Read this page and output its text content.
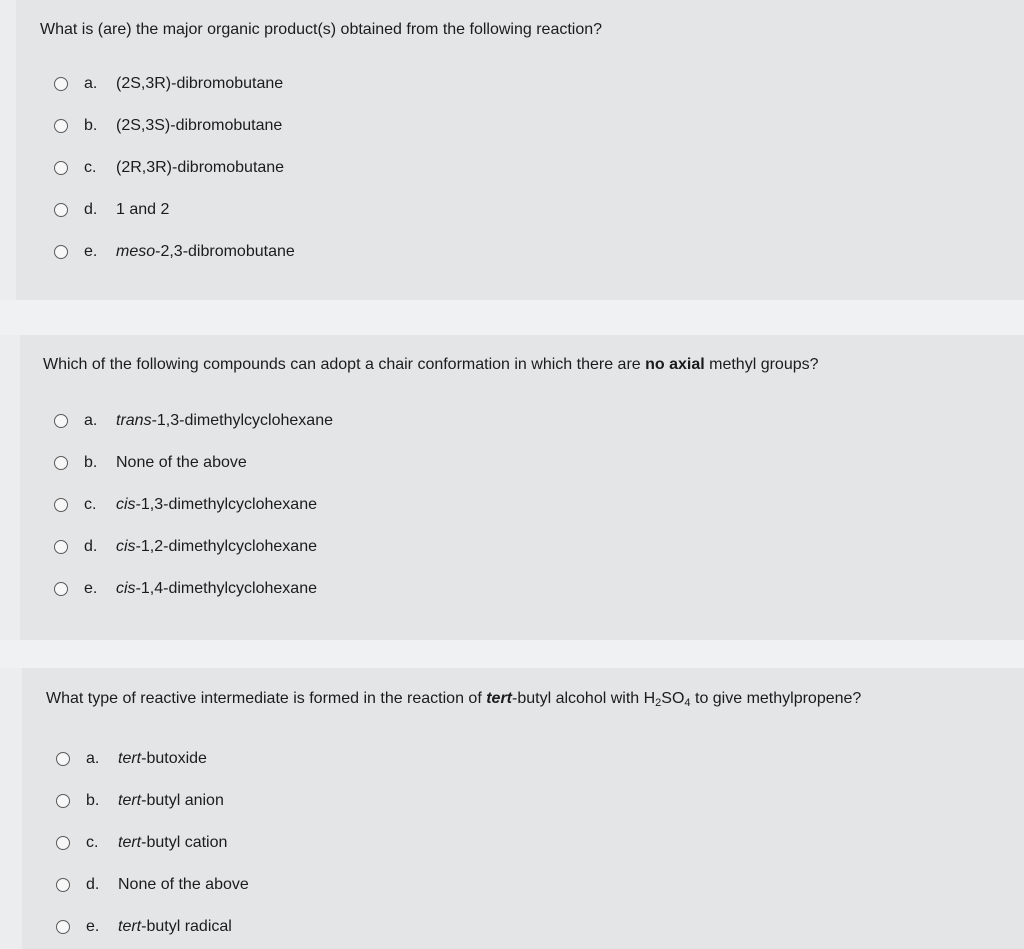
What is (are) the major organic product(s) obtained from the following reaction?
a. (2S,3R)-dibromobutane
b. (2S,3S)-dibromobutane
c. (2R,3R)-dibromobutane
d. 1 and 2
e. meso-2,3-dibromobutane
Which of the following compounds can adopt a chair conformation in which there are no axial methyl groups?
a. trans-1,3-dimethylcyclohexane
b. None of the above
c. cis-1,3-dimethylcyclohexane
d. cis-1,2-dimethylcyclohexane
e. cis-1,4-dimethylcyclohexane
What type of reactive intermediate is formed in the reaction of tert-butyl alcohol with $H_2SO_4$ to give methylpropene?
a. tert-butoxide
b. tert-butyl anion
c. tert-butyl cation
d. None of the above
e. tert-butyl radical
